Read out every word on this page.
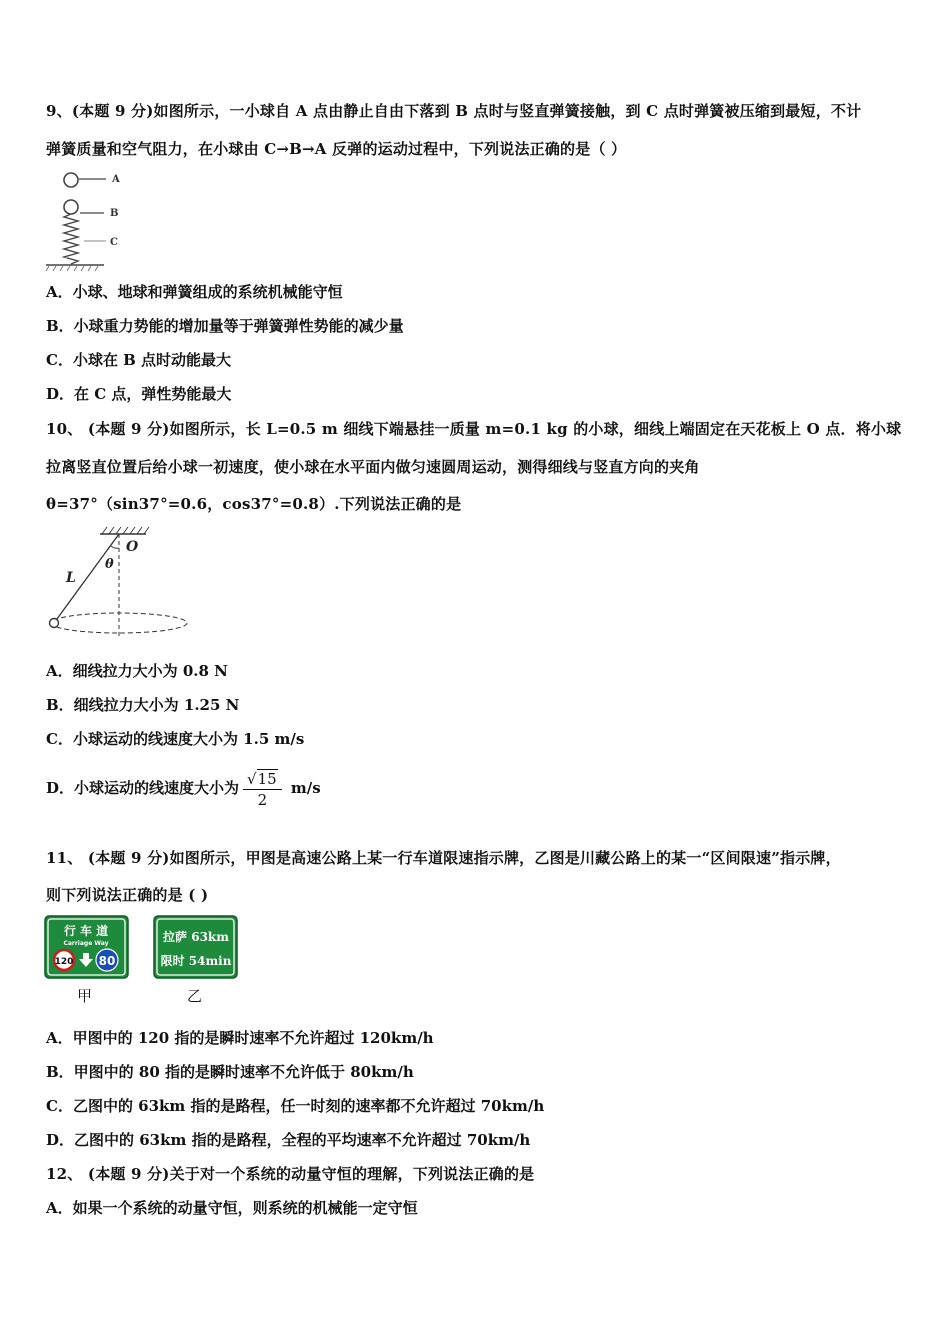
9、(本题 9 分)如图所示，一小球自 A 点由静止自由下落到 B 点时与竖直弹簧接触，到 C 点时弹簧被压缩到最短，不计
弹簧质量和空气阻力，在小球由 C→B→A 反弹的运动过程中，下列说法正确的是（ ）
A
B
C
A．小球、地球和弹簧组成的系统机械能守恒
B．小球重力势能的增加量等于弹簧弹性势能的减少量
C．小球在 B 点时动能最大
D．在 C 点，弹性势能最大
10、 (本题 9 分)如图所示，长 L=0.5 m 细线下端悬挂一质量 m=0.1 kg 的小球，细线上端固定在天花板上 O 点．将小球
拉离竖直位置后给小球一初速度，使小球在水平面内做匀速圆周运动，测得细线与竖直方向的夹角
θ=37°（sin37°=0.6，cos37°=0.8）.下列说法正确的是
O
θ
L
A．细线拉力大小为 0.8 N
B．细线拉力大小为 1.25 N
C．小球运动的线速度大小为 1.5 m/s
D．小球运动的线速度大小为 $\frac{√15}{2} m/s$
11、 (本题 9 分)如图所示，甲图是高速公路上某一行车道限速指示牌，乙图是川藏公路上的某一“区间限速”指示牌，
则下列说法正确的是 ( )
行 车 道
Carriage Way
120 80
甲
拉萨 63km
限时 54min
乙
A．甲图中的 120 指的是瞬时速率不允许超过 120km/h
B．甲图中的 80 指的是瞬时速率不允许低于 80km/h
C．乙图中的 63km 指的是路程，任一时刻的速率都不允许超过 70km/h
D．乙图中的 63km 指的是路程，全程的平均速率不允许超过 70km/h
12、 (本题 9 分)关于对一个系统的动量守恒的理解，下列说法正确的是
A．如果一个系统的动量守恒，则系统的机械能一定守恒
